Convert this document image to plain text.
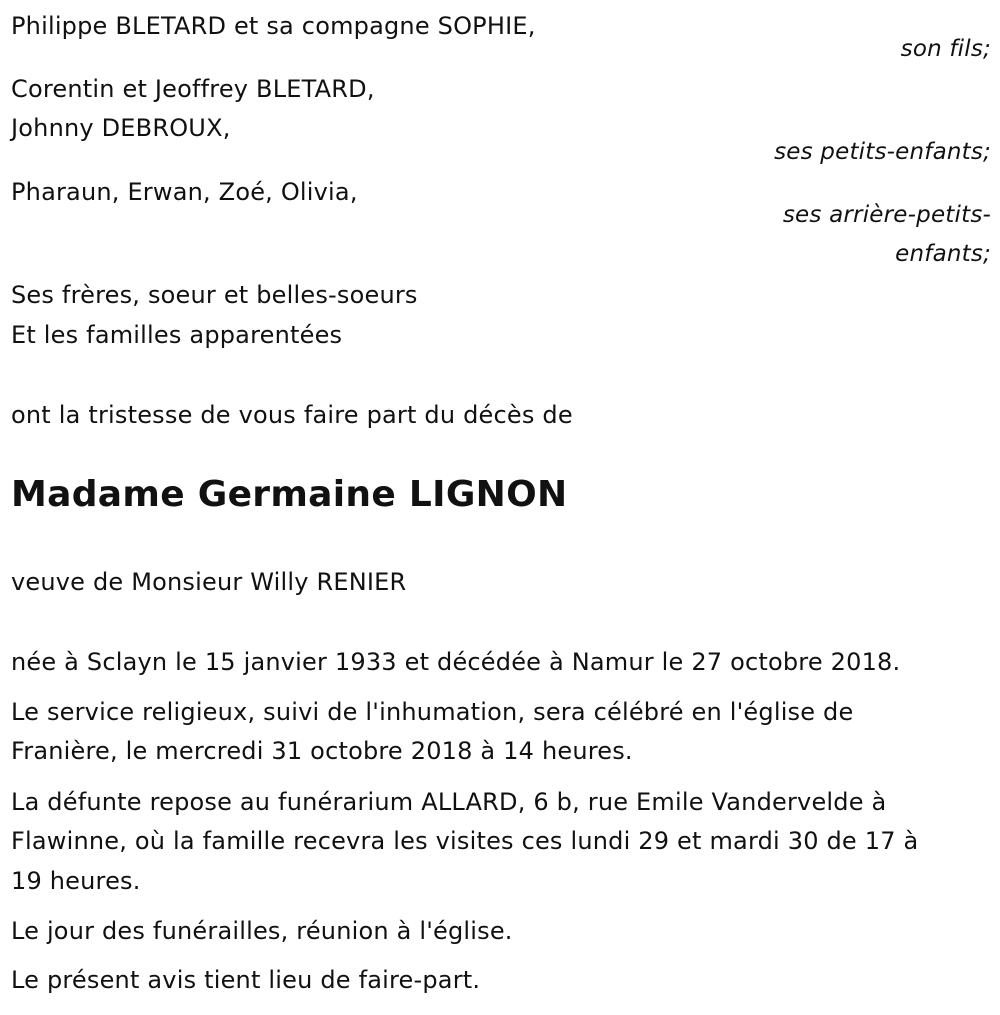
Philippe BLETARD et sa compagne SOPHIE,
son fils;
Corentin et Jeoffrey BLETARD,
Johnny DEBROUX,
ses petits-enfants;
Pharaun, Erwan, Zoé, Olivia,
ses arrière-petits-
enfants;
Ses frères, soeur et belles-soeurs
Et les familles apparentées
ont la tristesse de vous faire part du décès de
Madame Germaine LIGNON
veuve de Monsieur Willy RENIER
née à Sclayn le 15 janvier 1933 et décédée à Namur le 27 octobre 2018.
Le service religieux, suivi de l'inhumation, sera célébré en l'église de
Franière, le mercredi 31 octobre 2018 à 14 heures.
La défunte repose au funérarium ALLARD, 6 b, rue Emile Vandervelde à
Flawinne, où la famille recevra les visites ces lundi 29 et mardi 30 de 17 à
19 heures.
Le jour des funérailles, réunion à l'église.
Le présent avis tient lieu de faire-part.
